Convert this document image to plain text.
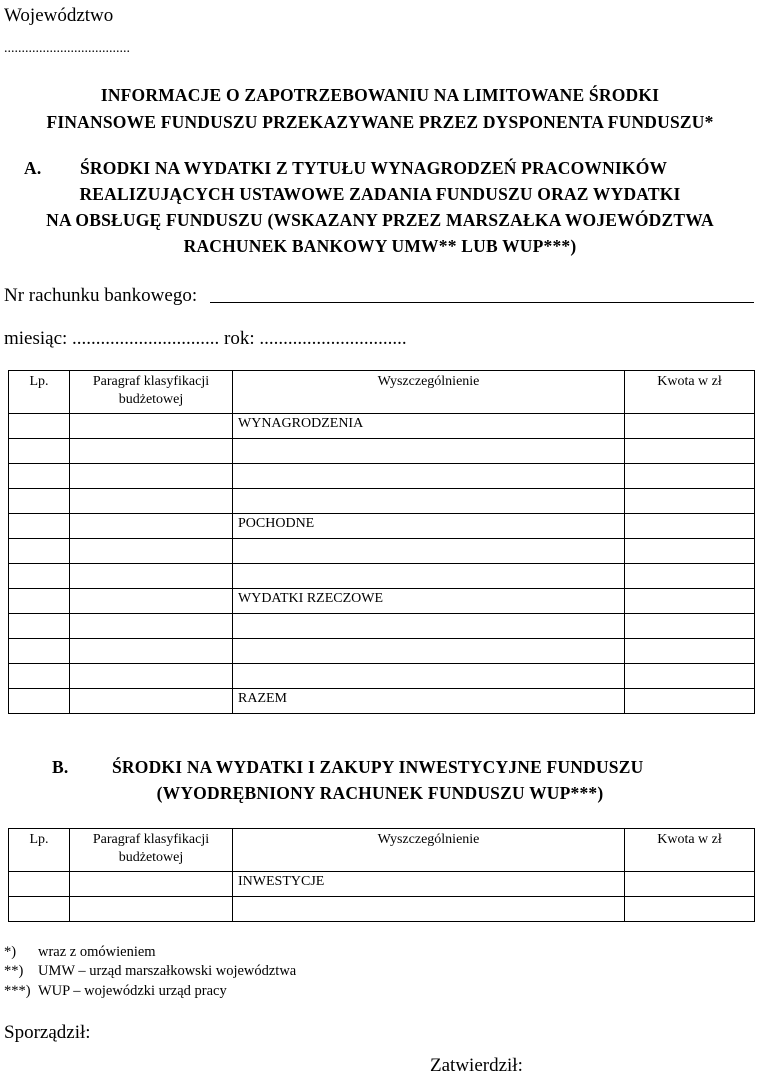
Województwo
....................................
INFORMACJE O ZAPOTRZEBOWANIU NA LIMITOWANE ŚRODKI
FINANSOWE FUNDUSZU PRZEKAZYWANE PRZEZ DYSPONENTA FUNDUSZU*
A. ŚRODKI NA WYDATKI Z TYTUŁU WYNAGRODZEŃ PRACOWNIKÓW
REALIZUJĄCYCH USTAWOWE ZADANIA FUNDUSZU ORAZ WYDATKI
NA OBSŁUGĘ FUNDUSZU (WSKAZANY PRZEZ MARSZAŁKA WOJEWÓDZTWA
RACHUNEK BANKOWY UMW** LUB WUP***)
Nr rachunku bankowego:
miesiąc: ............................... rok: ...............................
Lp.	Paragraf klasyfikacji budżetowej	Wyszczególnienie	Kwota w zł
		WYNAGRODZENIA	

		POCHODNE	

		WYDATKI RZECZOWE	

		RAZEM	
B. ŚRODKI NA WYDATKI I ZAKUPY INWESTYCYJNE FUNDUSZU
(WYODRĘBNIONY RACHUNEK FUNDUSZU WUP***)
Lp.	Paragraf klasyfikacji budżetowej	Wyszczególnienie	Kwota w zł
		INWESTYCJE	

*) wraz z omówieniem
**) UMW – urząd marszałkowski województwa
***) WUP – wojewódzki urząd pracy
Sporządził:
Zatwierdził:
